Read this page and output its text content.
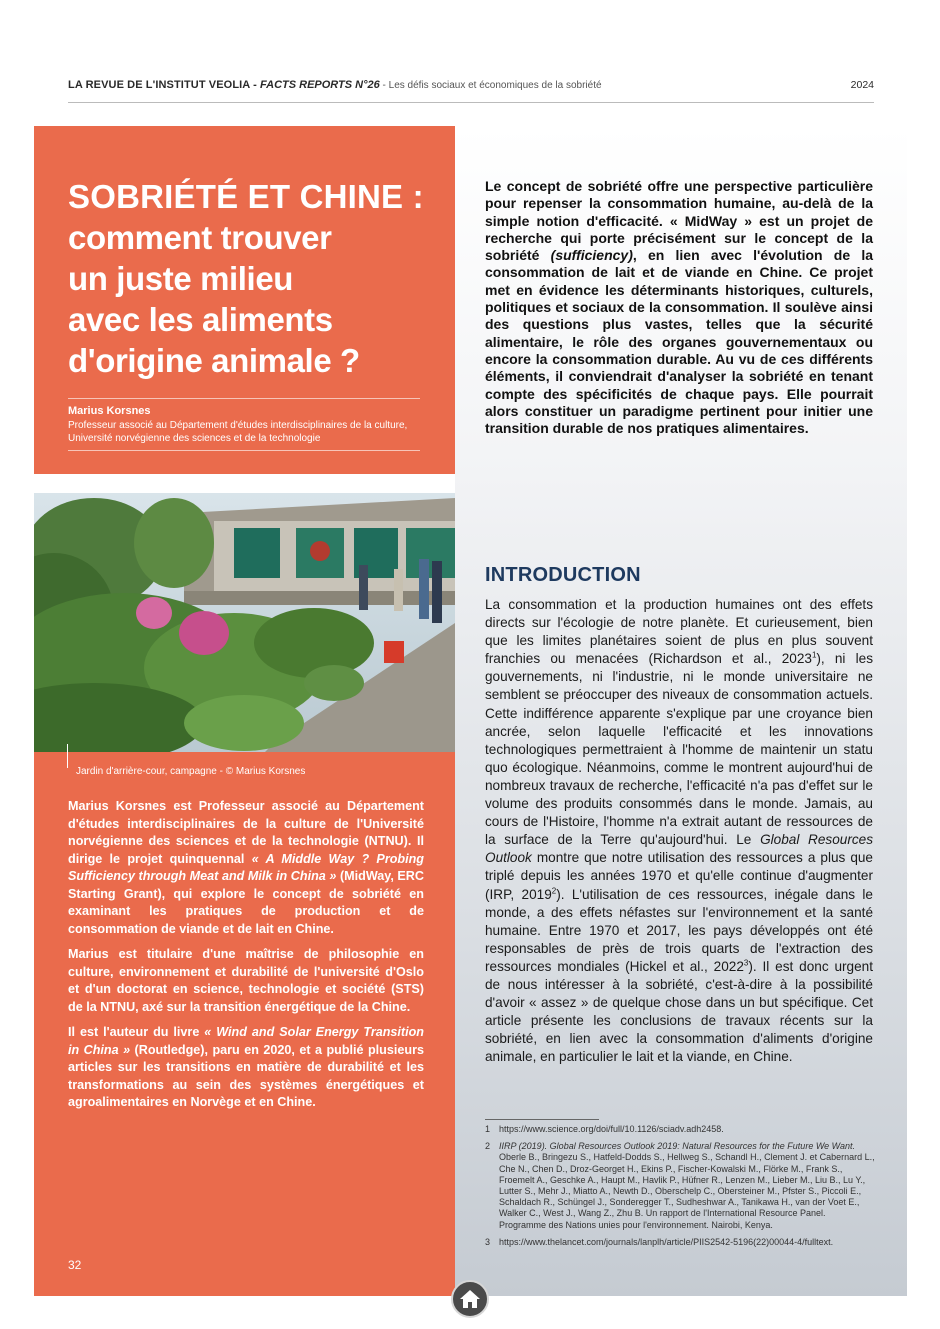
LA REVUE DE L'INSTITUT VEOLIA - FACTS REPORTS N°26 - Les défis sociaux et économiques de la sobriété	2024
SOBRIÉTÉ ET CHINE :
comment trouver
un juste milieu
avec les aliments
d'origine animale ?
Marius Korsnes
Professeur associé au Département d'études interdisciplinaires de la culture, Université norvégienne des sciences et de la technologie
Jardin d'arrière-cour, campagne - © Marius Korsnes

Marius Korsnes est Professeur associé au Département d'études interdisciplinaires de la culture de l'Université norvégienne des sciences et de la technologie (NTNU). Il dirige le projet quinquennal « A Middle Way ? Probing Sufficiency through Meat and Milk in China » (MidWay, ERC Starting Grant), qui explore le concept de sobriété en examinant les pratiques de production et de consommation de viande et de lait en Chine.

Marius est titulaire d'une maîtrise de philosophie en culture, environnement et durabilité de l'université d'Oslo et d'un doctorat en science, technologie et société (STS) de la NTNU, axé sur la transition énergétique de la Chine.

Il est l'auteur du livre « Wind and Solar Energy Transition in China » (Routledge), paru en 2020, et a publié plusieurs articles sur les transitions en matière de durabilité et les transformations au sein des systèmes énergétiques et agroalimentaires en Norvège et en Chine.

32

Le concept de sobriété offre une perspective particulière pour repenser la consommation humaine, au-delà de la simple notion d'efficacité. « MidWay » est un projet de recherche qui porte précisément sur le concept de la sobriété (sufficiency), en lien avec l'évolution de la consommation de lait et de viande en Chine. Ce projet met en évidence les déterminants historiques, culturels, politiques et sociaux de la consommation. Il soulève ainsi des questions plus vastes, telles que la sécurité alimentaire, le rôle des organes gouvernementaux ou encore la consommation durable. Au vu de ces différents éléments, il conviendrait d'analyser la sobriété en tenant compte des spécificités de chaque pays. Elle pourrait alors constituer un paradigme pertinent pour initier une transition durable de nos pratiques alimentaires.

INTRODUCTION

La consommation et la production humaines ont des effets directs sur l'écologie de notre planète. Et curieusement, bien que les limites planétaires soient de plus en plus souvent franchies ou menacées (Richardson et al., 2023$^1$), ni les gouvernements, ni l'industrie, ni le monde universitaire ne semblent se préoccuper des niveaux de consommation actuels. Cette indifférence apparente s'explique par une croyance bien ancrée, selon laquelle l'efficacité et les innovations technologiques permettraient à l'homme de maintenir un statu quo écologique. Néanmoins, comme le montrent aujourd'hui de nombreux travaux de recherche, l'efficacité n'a pas d'effet sur le volume des produits consommés dans le monde. Jamais, au cours de l'Histoire, l'homme n'a extrait autant de ressources de la surface de la Terre qu'aujourd'hui. Le Global Resources Outlook montre que notre utilisation des ressources a plus que triplé depuis les années 1970 et qu'elle continue d'augmenter (IRP, 2019$^2$). L'utilisation de ces ressources, inégale dans le monde, a des effets néfastes sur l'environnement et la santé humaine. Entre 1970 et 2017, les pays développés ont été responsables de près de trois quarts de l'extraction des ressources mondiales (Hickel et al., 2022$^3$). Il est donc urgent de nous intéresser à la sobriété, c'est-à-dire à la possibilité d'avoir « assez » de quelque chose dans un but spécifique. Cet article présente les conclusions de travaux récents sur la sobriété, en lien avec la consommation d'aliments d'origine animale, en particulier le lait et la viande, en Chine.

1 https://www.science.org/doi/full/10.1126/sciadv.adh2458.
2 IIRP (2019). Global Resources Outlook 2019: Natural Resources for the Future We Want. Oberle B., Bringezu S., Hatfeld-Dodds S., Hellweg S., Schandl H., Clement J. et Cabernard L., Che N., Chen D., Droz-Georget H., Ekins P., Fischer-Kowalski M., Flörke M., Frank S., Froemelt A., Geschke A., Haupt M., Havlik P., Hüfner R., Lenzen M., Lieber M., Liu B., Lu Y., Lutter S., Mehr J., Miatto A., Newth D., Oberschelp C., Obersteiner M., Pfster S., Piccoli E., Schaldach R., Schüngel J., Sonderegger T., Sudheshwar A., Tanikawa H., van der Voet E., Walker C., West J., Wang Z., Zhu B. Un rapport de l'International Resource Panel. Programme des Nations unies pour l'environnement. Nairobi, Kenya.
3 https://www.thelancet.com/journals/lanplh/article/PIIS2542-5196(22)00044-4/fulltext.
